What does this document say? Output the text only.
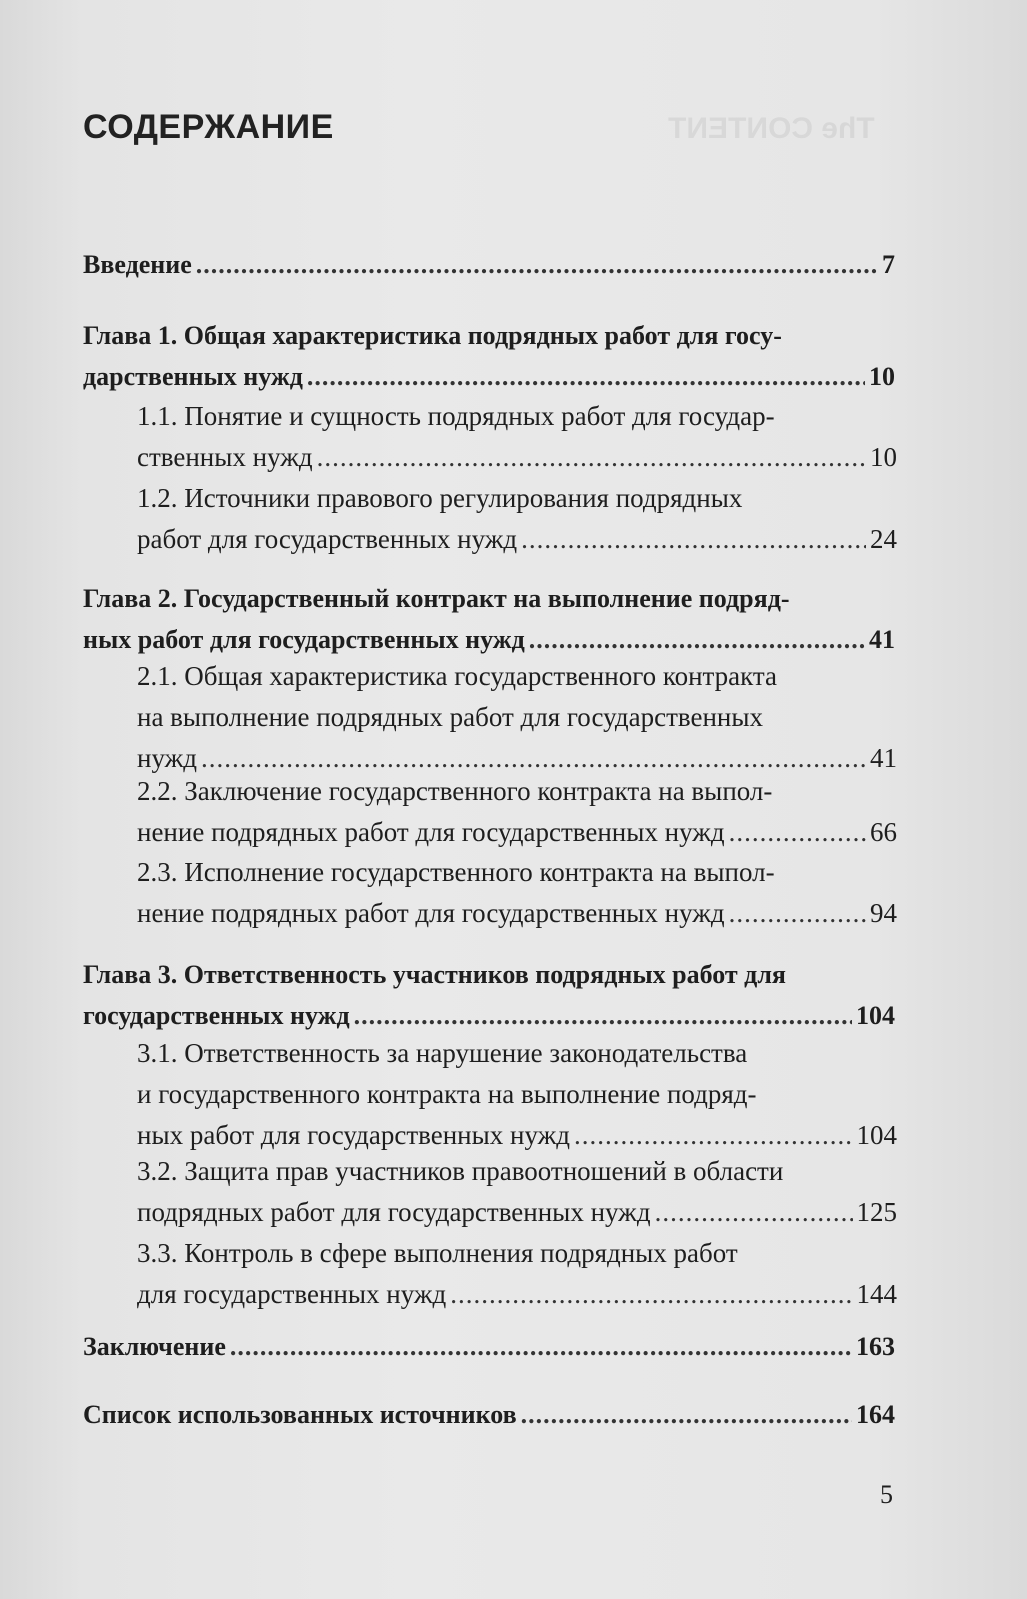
СОДЕРЖАНИЕ	The CONTENT

Введение .....	7
Глава 1. Общая характеристика подрядных работ для госу-
дарственных нужд .....	10
1.1. Понятие и сущность подрядных работ для государ-
ственных нужд .....	10
1.2. Источники правового регулирования подрядных
работ для государственных нужд .....	24
Глава 2. Государственный контракт на выполнение подряд-
ных работ для государственных нужд .....	41
2.1. Общая характеристика государственного контракта
на выполнение подрядных работ для государственных
нужд .....	41
2.2. Заключение государственного контракта на выпол-
нение подрядных работ для государственных нужд .....	66
2.3. Исполнение государственного контракта на выпол-
нение подрядных работ для государственных нужд .....	94
Глава 3. Ответственность участников подрядных работ для
государственных нужд .....	104
3.1. Ответственность за нарушение законодательства
и государственного контракта на выполнение подряд-
ных работ для государственных нужд .....	104
3.2. Защита прав участников правоотношений в области
подрядных работ для государственных нужд .....	125
3.3. Контроль в сфере выполнения подрядных работ
для государственных нужд .....	144
Заключение .....	163
Список использованных источников .....	164

5
